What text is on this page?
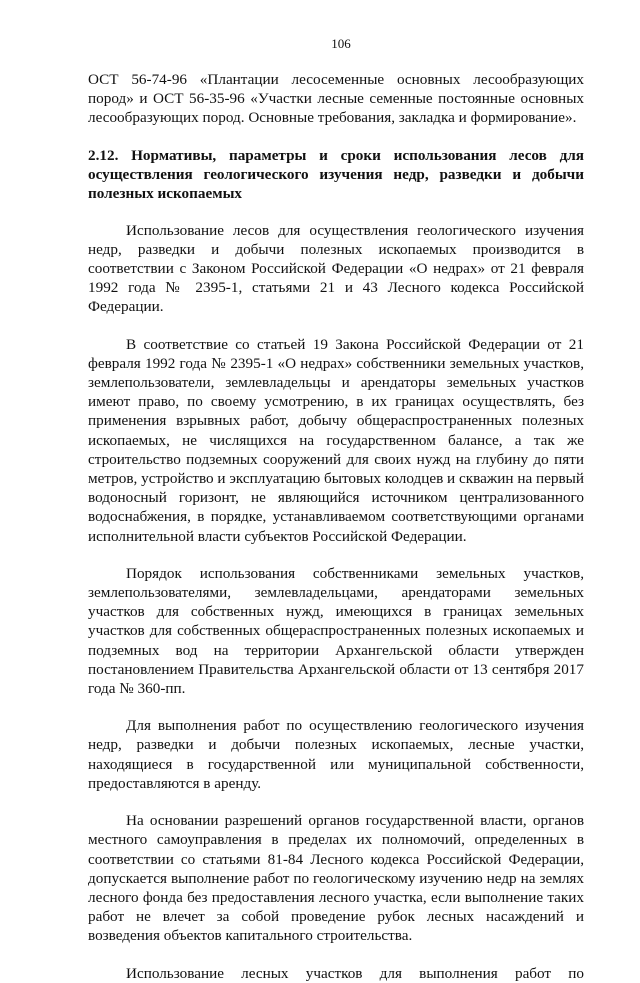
106

ОСТ 56-74-96 «Плантации лесосеменные основных лесообразующих пород» и ОСТ 56-35-96 «Участки лесные семенные постоянные основных лесообразующих пород. Основные требования, закладка и формирование».

2.12. Нормативы, параметры и сроки использования лесов для осуществления геологического изучения недр, разведки и добычи полезных ископаемых

Использование лесов для осуществления геологического изучения недр, разведки и добычи полезных ископаемых производится в соответствии с Законом Российской Федерации «О недрах» от 21 февраля 1992 года № 2395-1, статьями 21 и 43 Лесного кодекса Российской Федерации.

В соответствие со статьей 19 Закона Российской Федерации от 21 февраля 1992 года № 2395-1 «О недрах» собственники земельных участков, землепользователи, землевладельцы и арендаторы земельных участков имеют право, по своему усмотрению, в их границах осуществлять, без применения взрывных работ, добычу общераспространенных полезных ископаемых, не числящихся на государственном балансе, а так же строительство подземных сооружений для своих нужд на глубину до пяти метров, устройство и эксплуатацию бытовых колодцев и скважин на первый водоносный горизонт, не являющийся источником централизованного водоснабжения, в порядке, устанавливаемом соответствующими органами исполнительной власти субъектов Российской Федерации.

Порядок использования собственниками земельных участков, землепользователями, землевладельцами, арендаторами земельных участков для собственных нужд, имеющихся в границах земельных участков для собственных общераспространенных полезных ископаемых и подземных вод на территории Архангельской области утвержден постановлением Правительства Архангельской области от 13 сентября 2017 года № 360-пп.

Для выполнения работ по осуществлению геологического изучения недр, разведки и добычи полезных ископаемых, лесные участки, находящиеся в государственной или муниципальной собственности, предоставляются в аренду.

На основании разрешений органов государственной власти, органов местного самоуправления в пределах их полномочий, определенных в соответствии со статьями 81-84 Лесного кодекса Российской Федерации, допускается выполнение работ по геологическому изучению недр на землях лесного фонда без предоставления лесного участка, если выполнение таких работ не влечет за собой проведение рубок лесных насаждений и возведения объектов капитального строительства.

Использование лесных участков для выполнения работ по
